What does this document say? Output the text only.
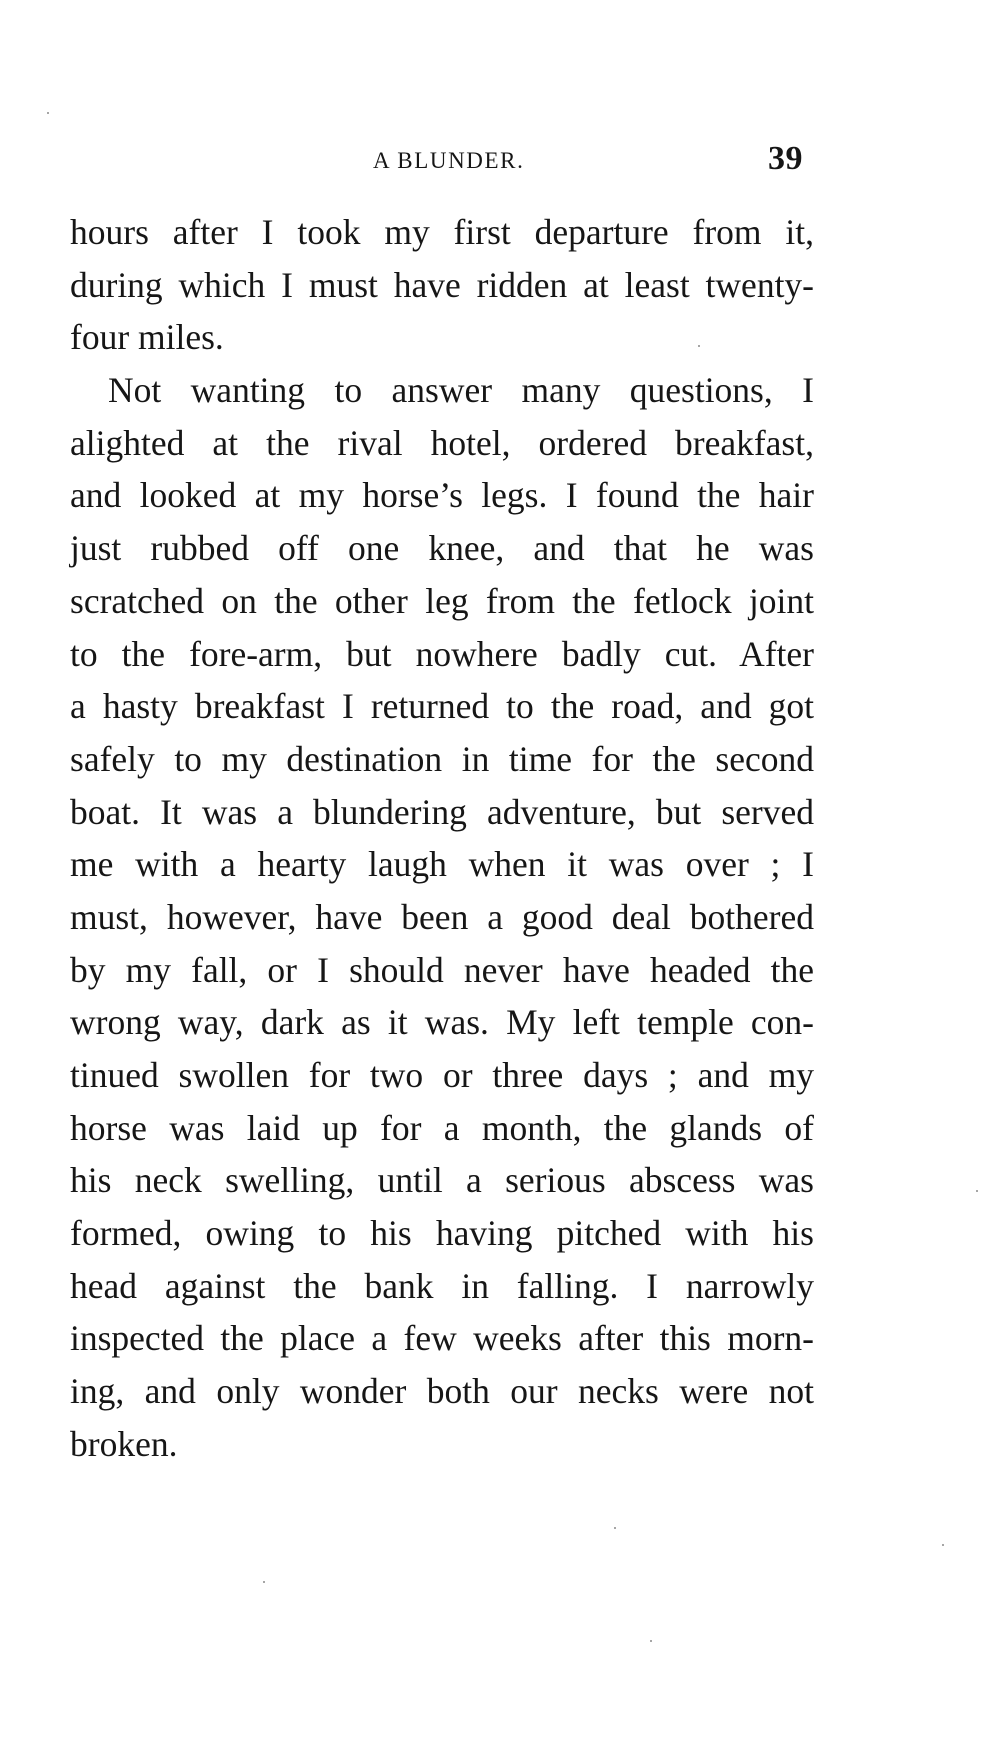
A BLUNDER.	39
hours after I took my first departure from it,
during which I must have ridden at least twenty-
four miles.
Not wanting to answer many questions, I
alighted at the rival hotel, ordered breakfast,
and looked at my horse’s legs. I found the hair
just rubbed off one knee, and that he was
scratched on the other leg from the fetlock joint
to the fore-arm, but nowhere badly cut. After
a hasty breakfast I returned to the road, and got
safely to my destination in time for the second
boat. It was a blundering adventure, but served
me with a hearty laugh when it was over ; I
must, however, have been a good deal bothered
by my fall, or I should never have headed the
wrong way, dark as it was. My left temple con-
tinued swollen for two or three days ; and my
horse was laid up for a month, the glands of
his neck swelling, until a serious abscess was
formed, owing to his having pitched with his
head against the bank in falling. I narrowly
inspected the place a few weeks after this morn-
ing, and only wonder both our necks were not
broken.
